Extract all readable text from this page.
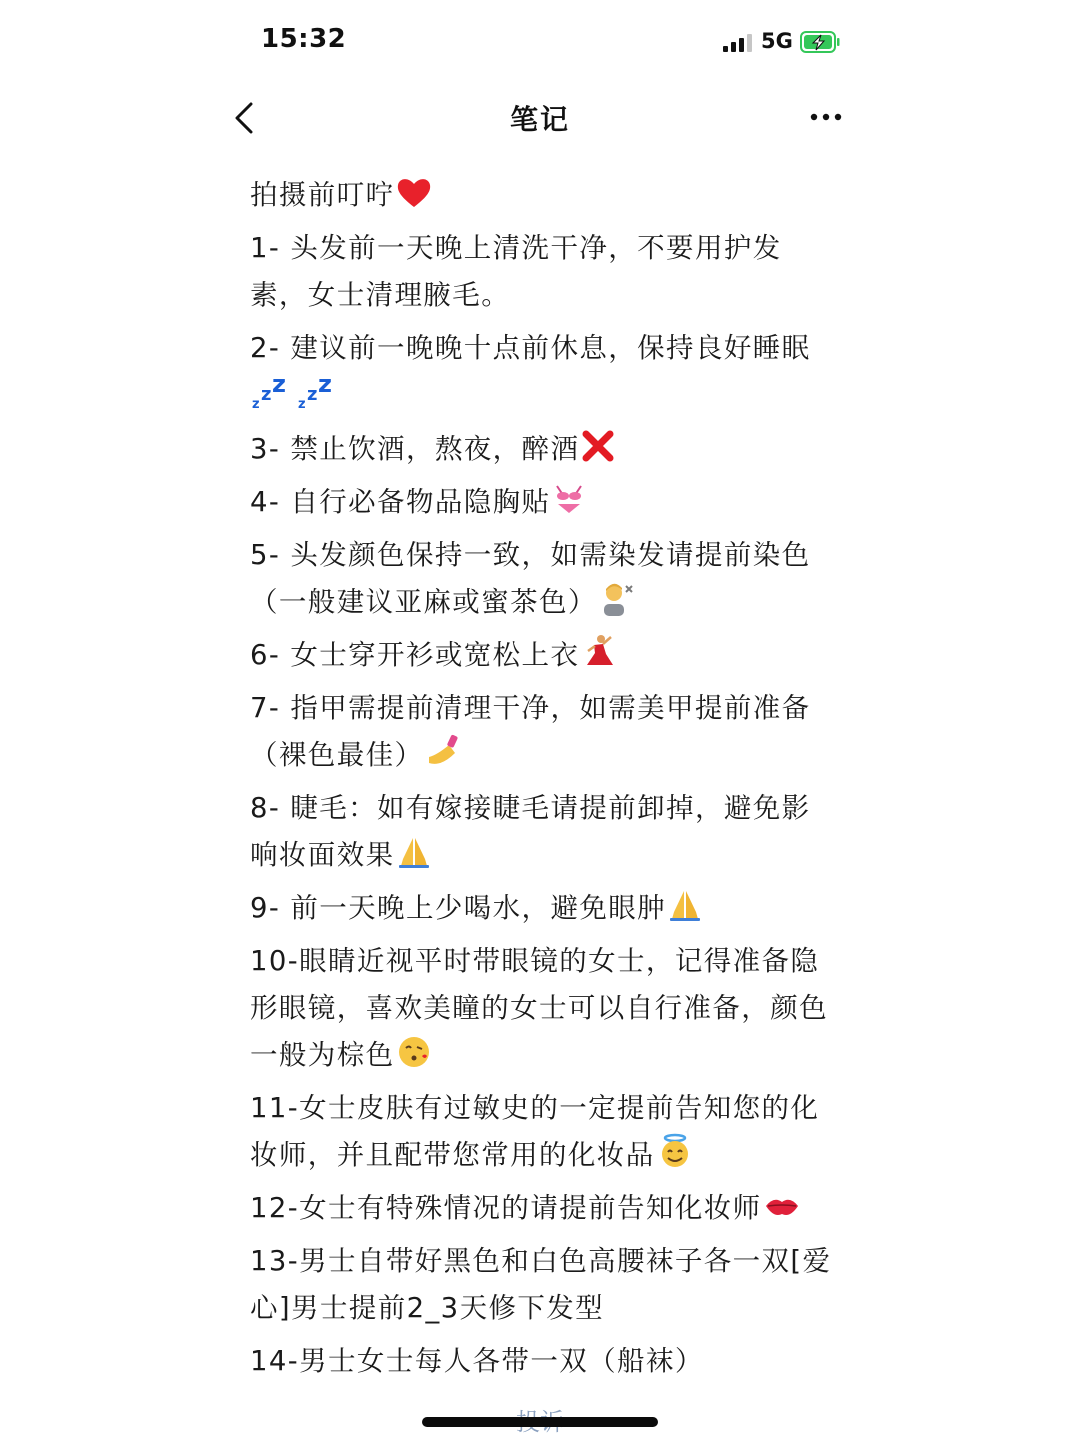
15:32	5G
笔记
拍摄前叮咛
1- 头发前一天晚上清洗干净，不要用护发素，女士清理腋毛。
2- 建议前一晚晚十点前休息，保持良好睡眠

z z z
z z z
3- 禁止饮酒，熬夜，醉酒
4- 自行必备物品隐胸贴
5- 头发颜色保持一致，如需染发请提前染色（一般建议亚麻或蜜茶色）
6- 女士穿开衫或宽松上衣
7- 指甲需提前清理干净，如需美甲提前准备（裸色最佳）
8- 睫毛：如有嫁接睫毛请提前卸掉，避免影响妆面效果
9- 前一天晚上少喝水，避免眼肿
10-眼睛近视平时带眼镜的女士，记得准备隐形眼镜，喜欢美瞳的女士可以自行准备，颜色一般为棕色
11-女士皮肤有过敏史的一定提前告知您的化妆师，并且配带您常用的化妆品
12-女士有特殊情况的请提前告知化妆师
13-男士自带好黑色和白色高腰袜子各一双[爱心]男士提前2_3天修下发型
14-男士女士每人各带一双（船袜）
